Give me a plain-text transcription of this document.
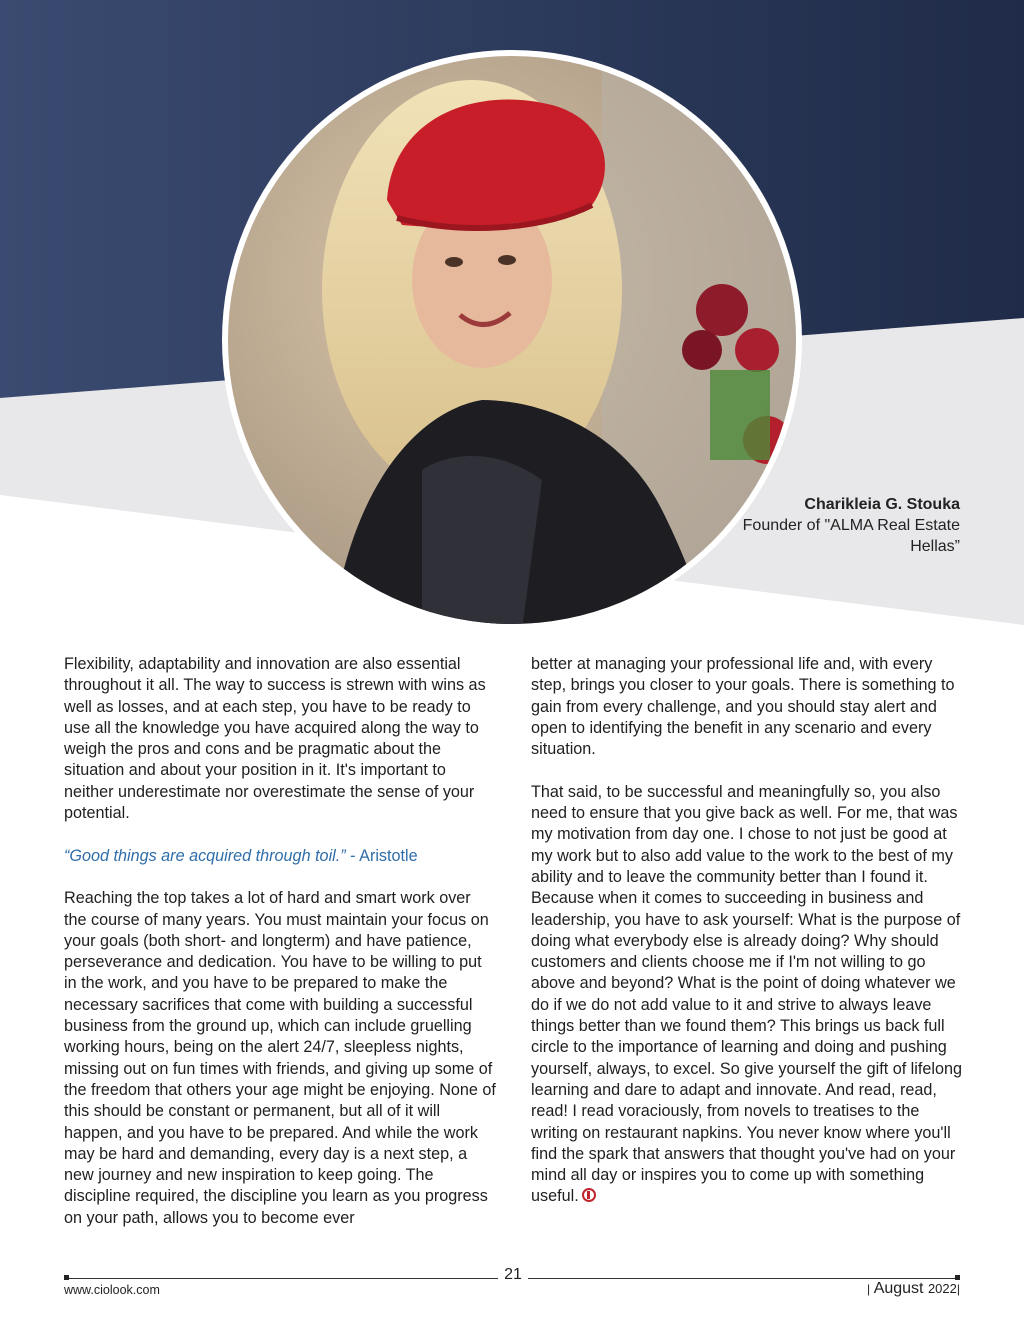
Charikleia G. Stouka
Founder of "ALMA Real Estate Hellas”

Flexibility, adaptability and innovation are also essential throughout it all. The way to success is strewn with wins as well as losses, and at each step, you have to be ready to use all the knowledge you have acquired along the way to weigh the pros and cons and be pragmatic about the situation and about your position in it. It's important to neither underestimate nor overestimate the sense of your potential.

“Good things are acquired through toil.” - Aristotle

Reaching the top takes a lot of hard and smart work over the course of many years. You must maintain your focus on your goals (both short- and longterm) and have patience, perseverance and dedication. You have to be willing to put in the work, and you have to be prepared to make the necessary sacrifices that come with building a successful business from the ground up, which can include gruelling working hours, being on the alert 24/7, sleepless nights, missing out on fun times with friends, and giving up some of the freedom that others your age might be enjoying. None of this should be constant or permanent, but all of it will happen, and you have to be prepared. And while the work may be hard and demanding, every day is a next step, a new journey and new inspiration to keep going. The discipline required, the discipline you learn as you progress on your path, allows you to become ever

better at managing your professional life and, with every step, brings you closer to your goals. There is something to gain from every challenge, and you should stay alert and open to identifying the benefit in any scenario and every situation.

That said, to be successful and meaningfully so, you also need to ensure that you give back as well. For me, that was my motivation from day one. I chose to not just be good at my work but to also add value to the work to the best of my ability and to leave the community better than I found it. Because when it comes to succeeding in business and leadership, you have to ask yourself: What is the purpose of doing what everybody else is already doing? Why should customers and clients choose me if I'm not willing to go above and beyond? What is the point of doing whatever we do if we do not add value to it and strive to always leave things better than we found them? This brings us back full circle to the importance of learning and doing and pushing yourself, always, to excel. So give yourself the gift of lifelong learning and dare to adapt and innovate. And read, read, read! I read voraciously, from novels to treatises to the writing on restaurant napkins. You never know where you'll find the spark that answers that thought you've had on your mind all day or inspires you to come up with something useful.

21
www.ciolook.com	| August 2022|
